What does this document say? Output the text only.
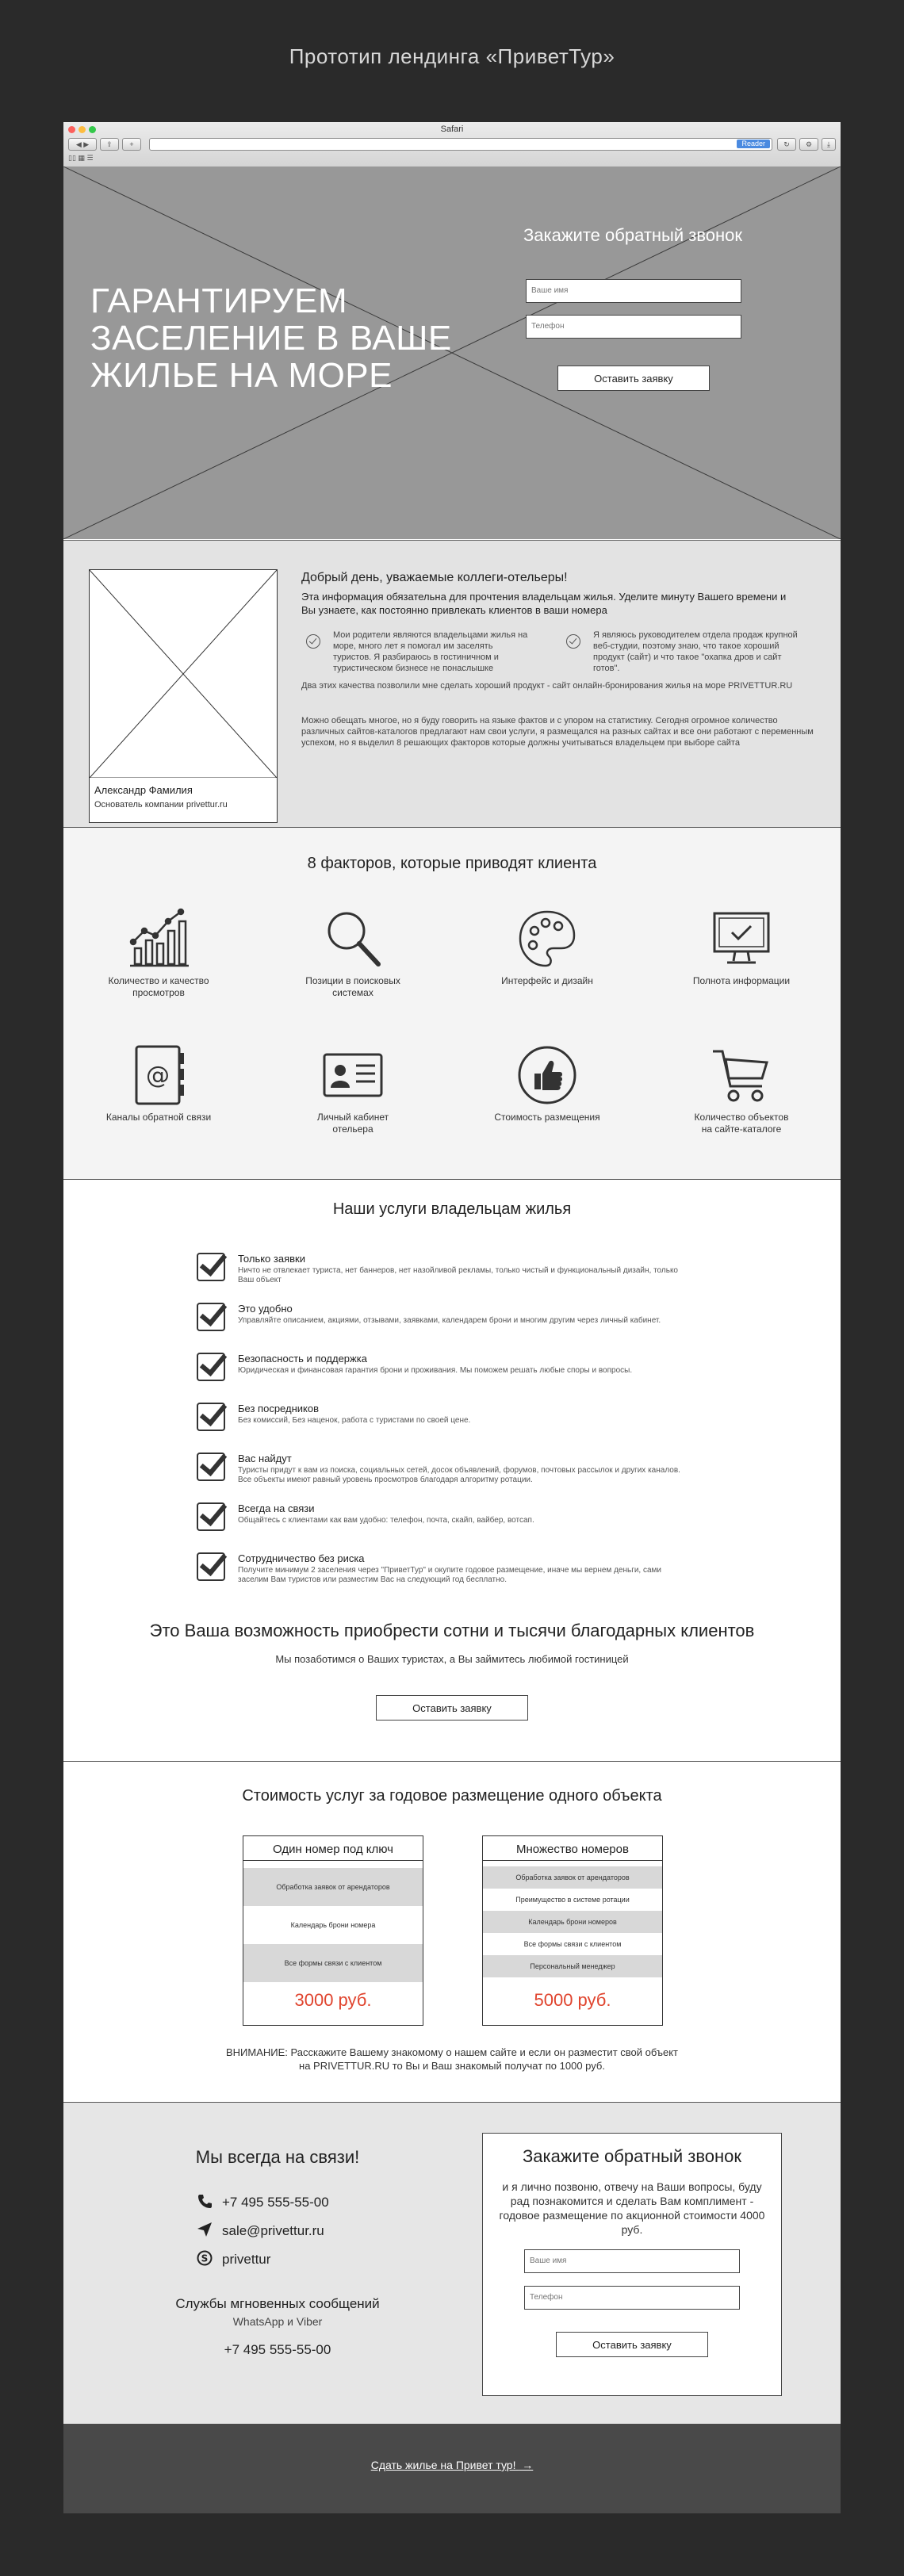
Прототип лендинга «ПриветТур»
Safari
◀ ▶	⇪	+	Reader	↻	⚙	⤓
▯▯ ▦ ☰
ГАРАНТИРУЕМ
ЗАСЕЛЕНИЕ В ВАШЕ
ЖИЛЬЕ НА МОРЕ
Закажите обратный звонок
Ваше имя
Телефон
Оставить заявку
Александр Фамилия
Основатель компании privettur.ru
Добрый день, уважаемые коллеги-отельеры!
Эта информация обязательна для прочтения владельцам жилья. Уделите минуту Вашего времени и Вы узнаете, как постоянно привлекать клиентов в ваши номера
Мои родители являются владельцами жилья на море, много лет я помогал им заселять туристов. Я разбираюсь в гостиничном и туристическом бизнесе не понаслышке
Я являюсь руководителем отдела продаж крупной веб-студии, поэтому знаю, что такое хороший продукт (сайт) и что такое "охапка дров и сайт готов".
Два этих качества позволили мне сделать хороший продукт - сайт онлайн-бронирования жилья на море PRIVETTUR.RU
Можно обещать многое, но я буду говорить на языке фактов и с упором на статистику. Сегодня огромное количество различных сайтов-каталогов предлагают нам свои услуги, я размещался на разных сайтах и все они работают с переменным успехом, но я выделил 8 решающих факторов которые должны учитываться владельцем при выборе сайта
8 факторов, которые приводят клиента
Количество и качество
просмотров
Позиции в поисковых
системах
Интерфейс и дизайн	Полнота информации
@
Каналы обратной связи	Личный кабинет
отельера
Стоимость размещения	Количество объектов
на сайте-каталоге
Наши услуги владельцам жилья
Только заявки
Ничто не отвлекает туриста, нет баннеров, нет назойливой рекламы, только чистый и функциональный дизайн, только Ваш объект
Это удобно
Управляйте описанием, акциями, отзывами, заявками, календарем брони и многим другим через личный кабинет.
Безопасность и поддержка
Юридическая и финансовая гарантия брони и проживания. Мы поможем решать любые споры и вопросы.
Без посредников
Без комиссий, Без наценок, работа с туристами по своей цене.
Вас найдут
Туристы придут к вам из поиска, социальных сетей, досок объявлений, форумов, почтовых рассылок и других каналов. Все объекты имеют равный уровень просмотров благодаря алгоритму ротации.
Всегда на связи
Общайтесь с клиентами как вам удобно: телефон, почта, скайп, вайбер, вотсап.
Сотрудничество без риска
Получите минимум 2 заселения через "ПриветТур" и окупите годовое размещение, иначе мы вернем деньги, сами заселим Вам туристов или разместим Вас на следующий год бесплатно.
Это Ваша возможность приобрести сотни и тысячи благодарных клиентов
Мы позаботимся о Ваших туристах, а Вы займитесь любимой гостиницей
Оставить заявку
Стоимость услуг за годовое размещение одного объекта
Один номер под ключ
Обработка заявок от арендаторов
Календарь брони номера
Все формы связи с клиентом
3000 руб.
Множество номеров
Обработка заявок от арендаторов
Преимущество в системе ротации
Календарь брони номеров
Все формы связи с клиентом
Персональный менеджер
5000 руб.
ВНИМАНИЕ: Расскажите Вашему знакомому о нашем сайте и если он разместит свой объект
на PRIVETTUR.RU то Вы и Ваш знакомый получат по 1000 руб.
Мы всегда на связи!
+7 495 555-55-00
sale@privettur.ru
S privettur
Службы мгновенных сообщений
WhatsApp и Viber
+7 495 555-55-00
Закажите обратный звонок
и я лично позвоню, отвечу на Ваши вопросы, буду рад познакомится и сделать Вам комплимент - годовое размещение по акционной стоимости 4000 руб.
Ваше имя
Телефон
Оставить заявку
Сдать жилье на Привет тур!  →
